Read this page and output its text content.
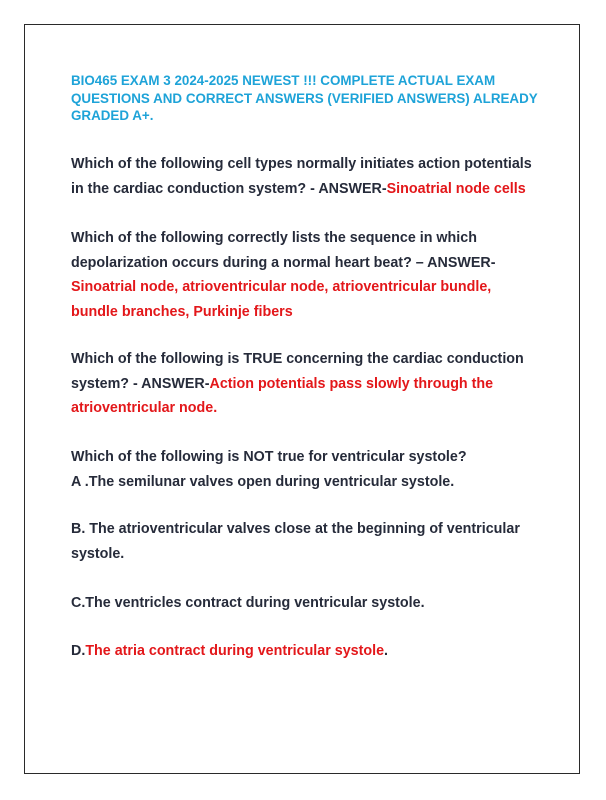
BIO465 EXAM 3 2024-2025 NEWEST !!! COMPLETE ACTUAL EXAM QUESTIONS AND CORRECT ANSWERS (VERIFIED ANSWERS) ALREADY GRADED A+.

Which of the following cell types normally initiates action potentials in the cardiac conduction system? - ANSWER-Sinoatrial node cells

Which of the following correctly lists the sequence in which depolarization occurs during a normal heart beat? – ANSWER-Sinoatrial node, atrioventricular node, atrioventricular bundle, bundle branches, Purkinje fibers

Which of the following is TRUE concerning the cardiac conduction system? - ANSWER-Action potentials pass slowly through the atrioventricular node.

Which of the following is NOT true for ventricular systole?
A .The semilunar valves open during ventricular systole.

B. The atrioventricular valves close at the beginning of ventricular systole.

C.The ventricles contract during ventricular systole.

D.The atria contract during ventricular systole.
